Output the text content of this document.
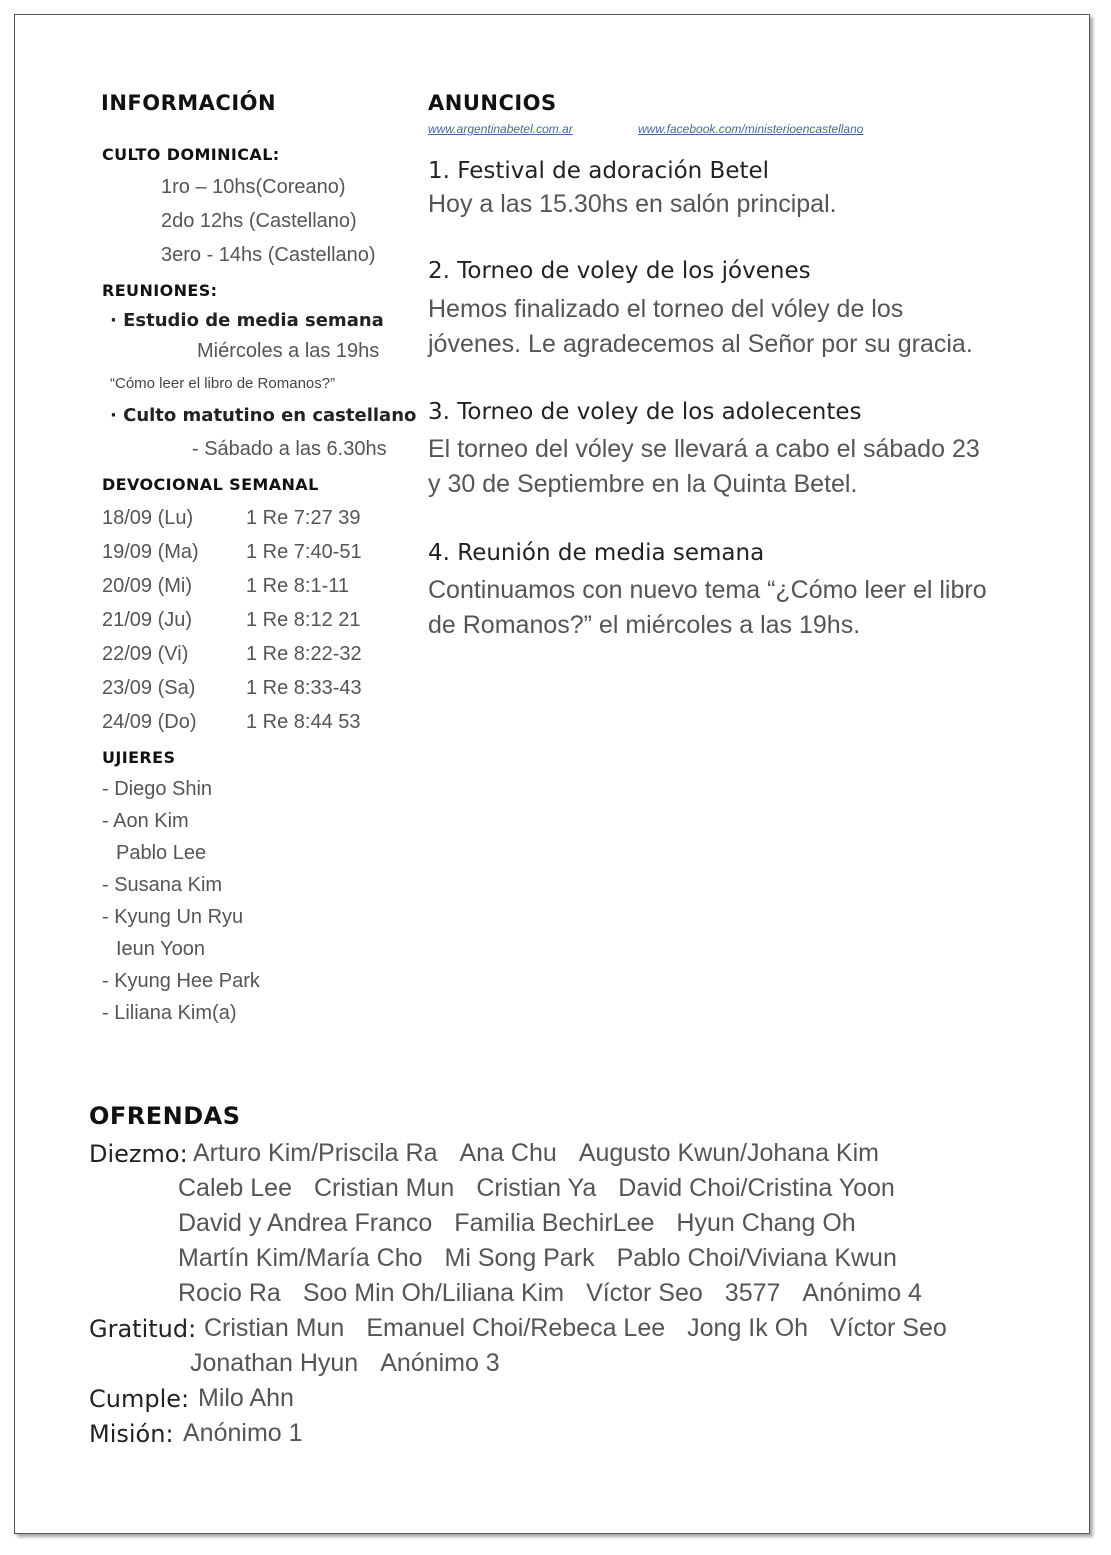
INFORMACIÓN
CULTO DOMINICAL:
1ro – 10hs(Coreano)
2do 12hs (Castellano)
3ero - 14hs (Castellano)
REUNIONES:
· Estudio de media semana
Miércoles a las 19hs
“Cómo leer el libro de Romanos?”
· Culto matutino en castellano
- Sábado a las 6.30hs
DEVOCIONAL SEMANAL
18/09 (Lu)	1 Re 7:27 39
19/09 (Ma) 1 Re 7:40-51
20/09 (Mi)	1 Re 8:1-11
21/09 (Ju)	1 Re 8:12 21
22/09 (Vi)	1 Re 8:22-32
23/09 (Sa)	1 Re 8:33-43
24/09 (Do) 1 Re 8:44 53
UJIERES
- Diego Shin
- Aon Kim
Pablo Lee
- Susana Kim
- Kyung Un Ryu
Ieun Yoon
- Kyung Hee Park
- Liliana Kim(a)
ANUNCIOS
www.argentinabetel.com.ar	www.facebook.com/ministerioencastellano
1. Festival de adoración Betel
Hoy a las 15.30hs en salón principal.
2. Torneo de voley de los jóvenes
Hemos finalizado el torneo del vóley de los
jóvenes. Le agradecemos al Señor por su gracia.
3. Torneo de voley de los adolecentes
El torneo del vóley se llevará a cabo el sábado 23
y 30 de Septiembre en la Quinta Betel.
4. Reunión de media semana
Continuamos con nuevo tema “¿Cómo leer el libro
de Romanos?” el miércoles a las 19hs.
OFRENDAS
Diezmo: Arturo Kim/Priscila Ra Ana Chu Augusto Kwun/Johana Kim
Caleb Lee Cristian Mun Cristian Ya David Choi/Cristina Yoon
David y Andrea Franco Familia BechirLee Hyun Chang Oh
Martín Kim/María Cho Mi Song Park Pablo Choi/Viviana Kwun
Rocio Ra Soo Min Oh/Liliana Kim Víctor Seo 3577 Anónimo 4
Gratitud: Cristian Mun Emanuel Choi/Rebeca Lee Jong Ik Oh Víctor Seo
Jonathan Hyun Anónimo 3
Cumple: Milo Ahn
Misión: Anónimo 1
